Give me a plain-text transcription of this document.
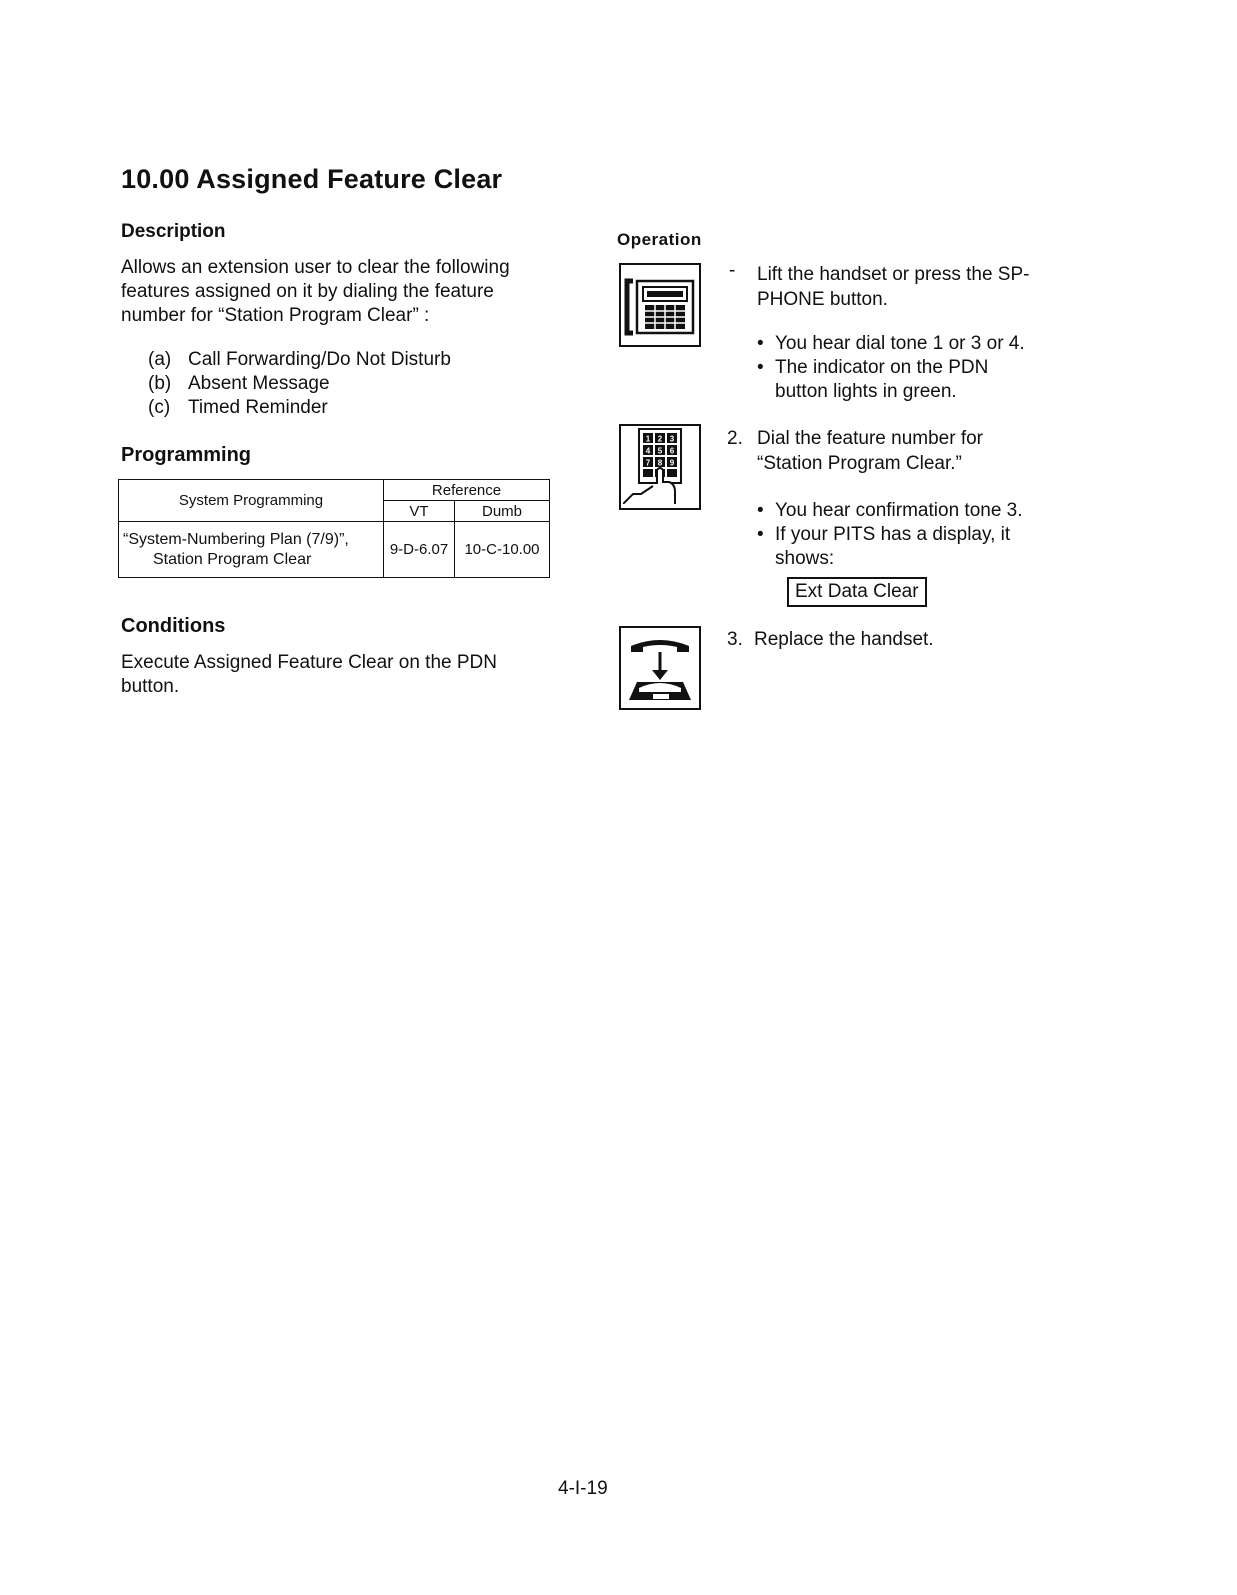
10.00 Assigned Feature Clear
Description
Allows an extension user to clear the following
features assigned on it by dialing the feature
number for “Station Program Clear” :
(a) Call Forwarding/Do Not Disturb
(b) Absent Message
(c) Timed Reminder
Programming
System Programming	Reference	
	VT	Dumb

“System-Numbering Plan (7/9)”,
Station Program Clear	9-D-6.07	10-C-10.00
Conditions
Execute Assigned Feature Clear on the PDN
button.
Operation
- Lift the handset or press the SP-
PHONE button.
• You hear dial tone 1 or 3 or 4.
• The indicator on the PDN
button lights in green.
1 2 3
4 5 6
7 8 9
2. Dial the feature number for
“Station Program Clear.”
• You hear confirmation tone 3.
• If your PITS has a display, it
shows:
Ext Data Clear
3. Replace the handset.
4-I-19
